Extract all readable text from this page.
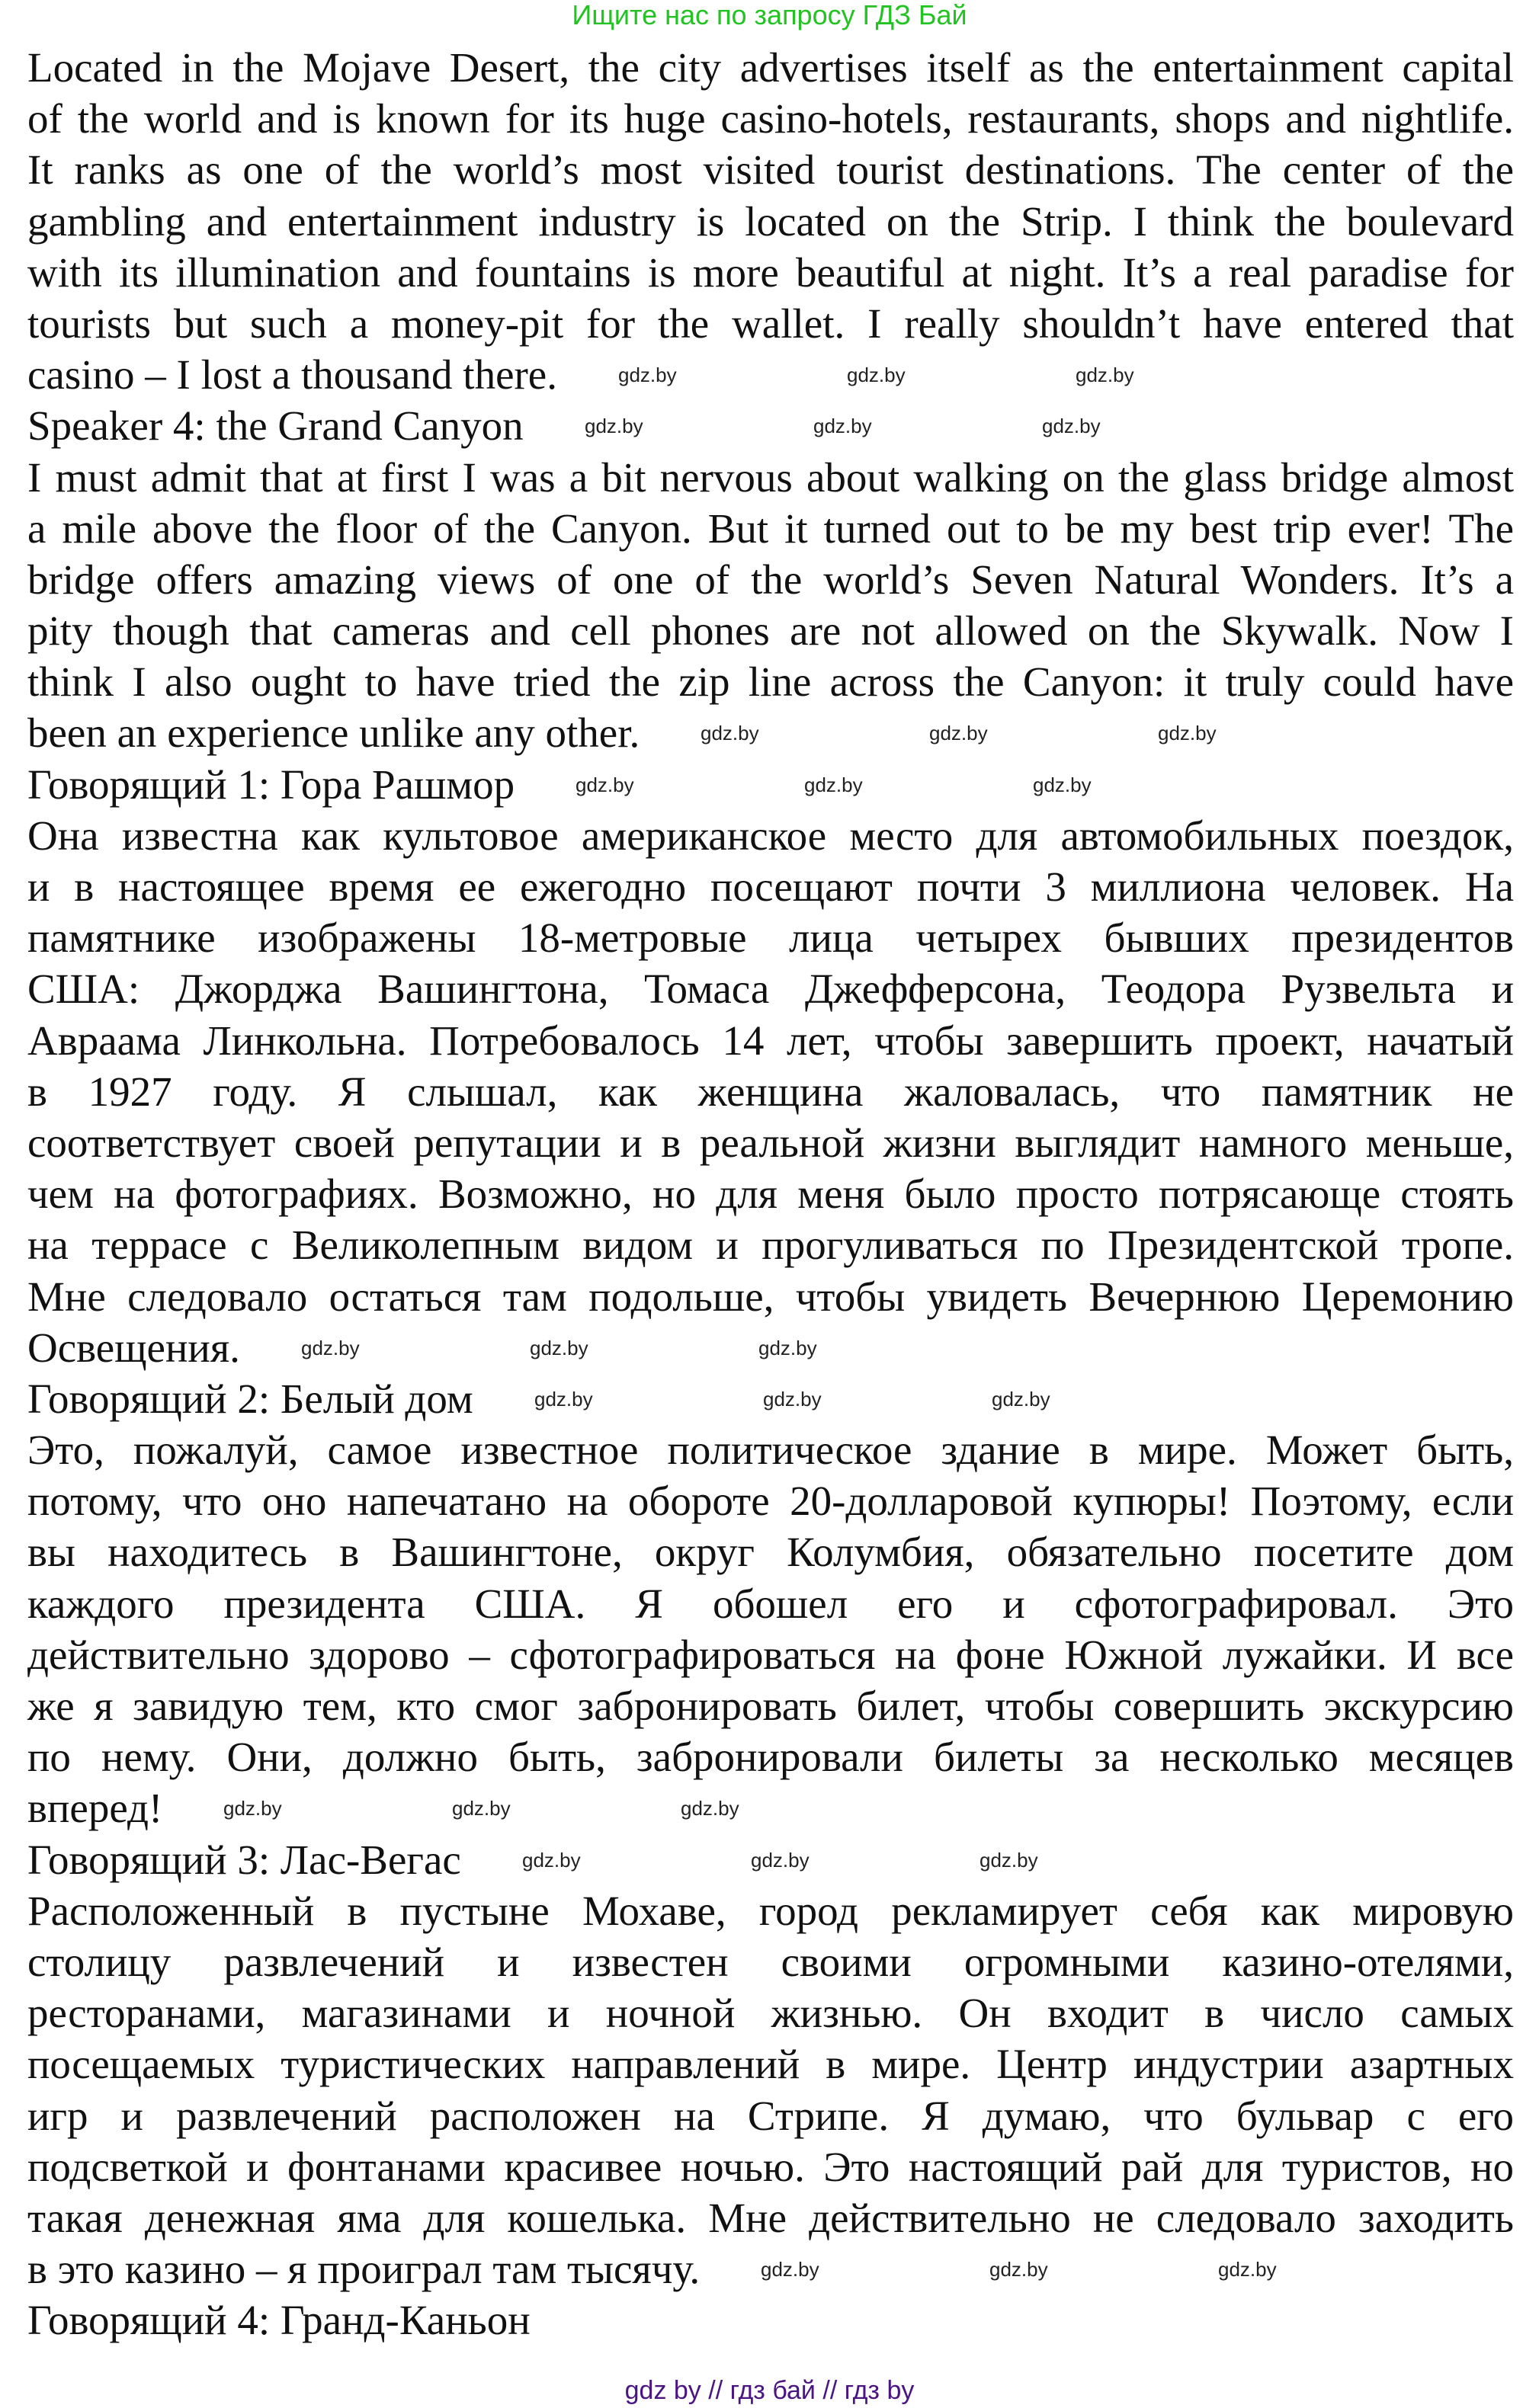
Ищите нас по запросу ГДЗ Бай
Located in the Mojave Desert, the city advertises itself as the entertainment capital
of the world and is known for its huge casino-hotels, restaurants, shops and nightlife.
It ranks as one of the world’s most visited tourist destinations. The center of the
gambling and entertainment industry is located on the Strip. I think the boulevard
with its illumination and fountains is more beautiful at night. It’s a real paradise for
tourists but such a money-pit for the wallet. I really shouldn’t have entered that
casino – I lost a thousand there.	gdz.by	gdz.by	gdz.by
Speaker 4: the Grand Canyon	gdz.by	gdz.by	gdz.by
I must admit that at first I was a bit nervous about walking on the glass bridge almost
a mile above the floor of the Canyon. But it turned out to be my best trip ever! The
bridge offers amazing views of one of the world’s Seven Natural Wonders. It’s a
pity though that cameras and cell phones are not allowed on the Skywalk. Now I
think I also ought to have tried the zip line across the Canyon: it truly could have
been an experience unlike any other.	gdz.by	gdz.by	gdz.by
Говорящий 1: Гора Рашмор	gdz.by	gdz.by	gdz.by
Она известна как культовое американское место для автомобильных поездок,
и в настоящее время ее ежегодно посещают почти 3 миллиона человек. На
памятнике изображены 18-метровые лица четырех бывших президентов
США: Джорджа Вашингтона, Томаса Джефферсона, Теодора Рузвельта и
Авраама Линкольна. Потребовалось 14 лет, чтобы завершить проект, начатый
в 1927 году. Я слышал, как женщина жаловалась, что памятник не
соответствует своей репутации и в реальной жизни выглядит намного меньше,
чем на фотографиях. Возможно, но для меня было просто потрясающе стоять
на террасе с Великолепным видом и прогуливаться по Президентской тропе.
Мне следовало остаться там подольше, чтобы увидеть Вечернюю Церемонию
Освещения.	gdz.by	gdz.by	gdz.by
Говорящий 2: Белый дом	gdz.by	gdz.by	gdz.by
Это, пожалуй, самое известное политическое здание в мире. Может быть,
потому, что оно напечатано на обороте 20-долларовой купюры! Поэтому, если
вы находитесь в Вашингтоне, округ Колумбия, обязательно посетите дом
каждого президента США. Я обошел его и сфотографировал. Это
действительно здорово – сфотографироваться на фоне Южной лужайки. И все
же я завидую тем, кто смог забронировать билет, чтобы совершить экскурсию
по нему. Они, должно быть, забронировали билеты за несколько месяцев
вперед!	gdz.by	gdz.by	gdz.by
Говорящий 3: Лас-Вегас	gdz.by	gdz.by	gdz.by
Расположенный в пустыне Мохаве, город рекламирует себя как мировую
столицу развлечений и известен своими огромными казино-отелями,
ресторанами, магазинами и ночной жизнью. Он входит в число самых
посещаемых туристических направлений в мире. Центр индустрии азартных
игр и развлечений расположен на Стрипе. Я думаю, что бульвар с его
подсветкой и фонтанами красивее ночью. Это настоящий рай для туристов, но
такая денежная яма для кошелька. Мне действительно не следовало заходить
в это казино – я проиграл там тысячу.	gdz.by	gdz.by	gdz.by
Говорящий 4: Гранд-Каньон
gdz by // гдз бай // гдз by
